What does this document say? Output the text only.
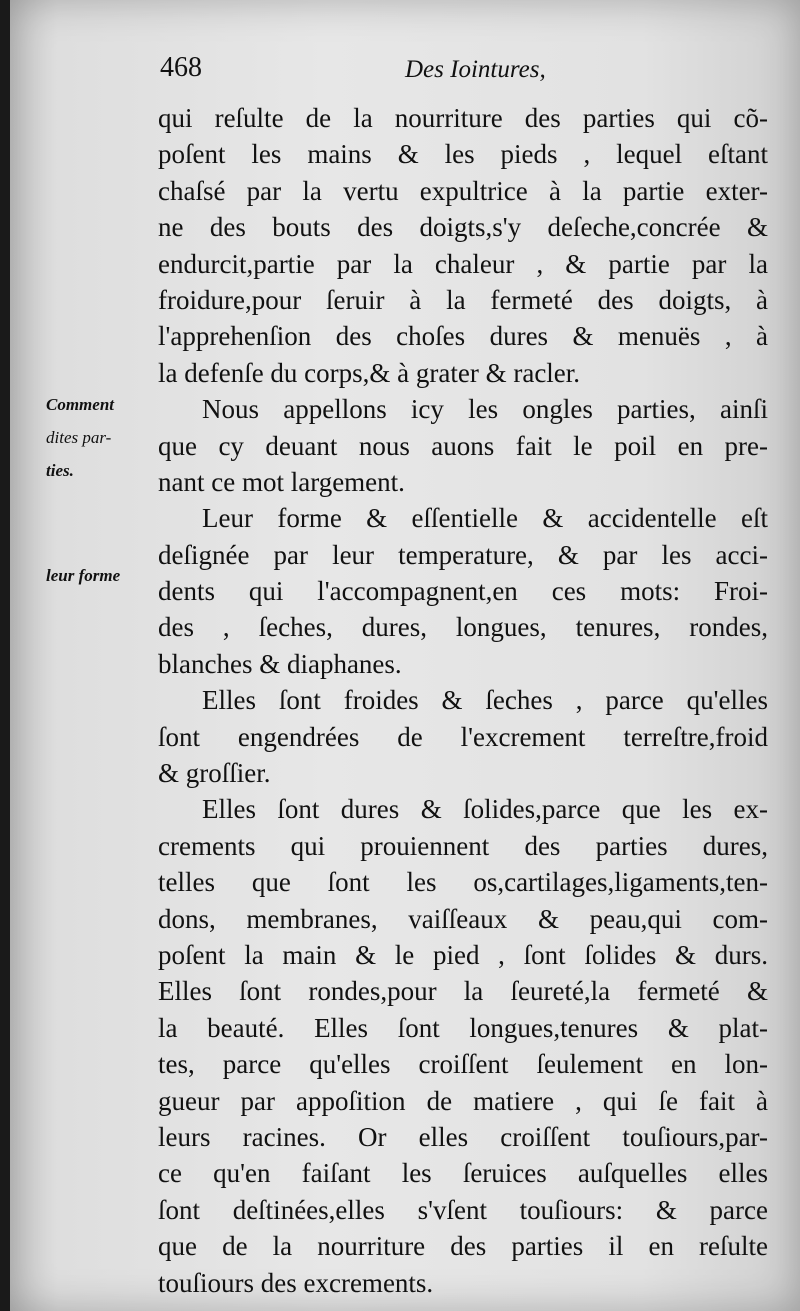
468	Des Iointures,
Comment
dites par-
ties.
leur forme
qui reſulte de la nourriture des parties qui cõ-
poſent les mains & les pieds , lequel eſtant
chaſsé par la vertu expultrice à la partie exter-
ne des bouts des doigts,s'y deſeche,concrée &
endurcit,partie par la chaleur , & partie par la
froidure,pour ſeruir à la fermeté des doigts, à
l'apprehenſion des choſes dures & menuës , à
la defenſe du corps,& à grater & racler.
Nous appellons icy les ongles parties, ainſi
que cy deuant nous auons fait le poil en pre-
nant ce mot largement.
Leur forme & eſſentielle & accidentelle eſt
deſignée par leur temperature, & par les acci-
dents qui l'accompagnent,en ces mots: Froi-
des , ſeches, dures, longues, tenures, rondes,
blanches & diaphanes.
Elles ſont froides & ſeches , parce qu'elles
ſont engendrées de l'excrement terreſtre,froid
& groſſier.
Elles ſont dures & ſolides,parce que les ex-
crements qui prouiennent des parties dures,
telles que ſont les os,cartilages,ligaments,ten-
dons, membranes, vaiſſeaux & peau,qui com-
poſent la main & le pied , ſont ſolides & durs.
Elles ſont rondes,pour la ſeureté,la fermeté &
la beauté. Elles ſont longues,tenures & plat-
tes, parce qu'elles croiſſent ſeulement en lon-
gueur par appoſition de matiere , qui ſe fait à
leurs racines. Or elles croiſſent touſiours,par-
ce qu'en faiſant les ſeruices auſquelles elles
ſont deſtinées,elles s'vſent touſiours: & parce
que de la nourriture des parties il en reſulte
touſiours des excrements.
